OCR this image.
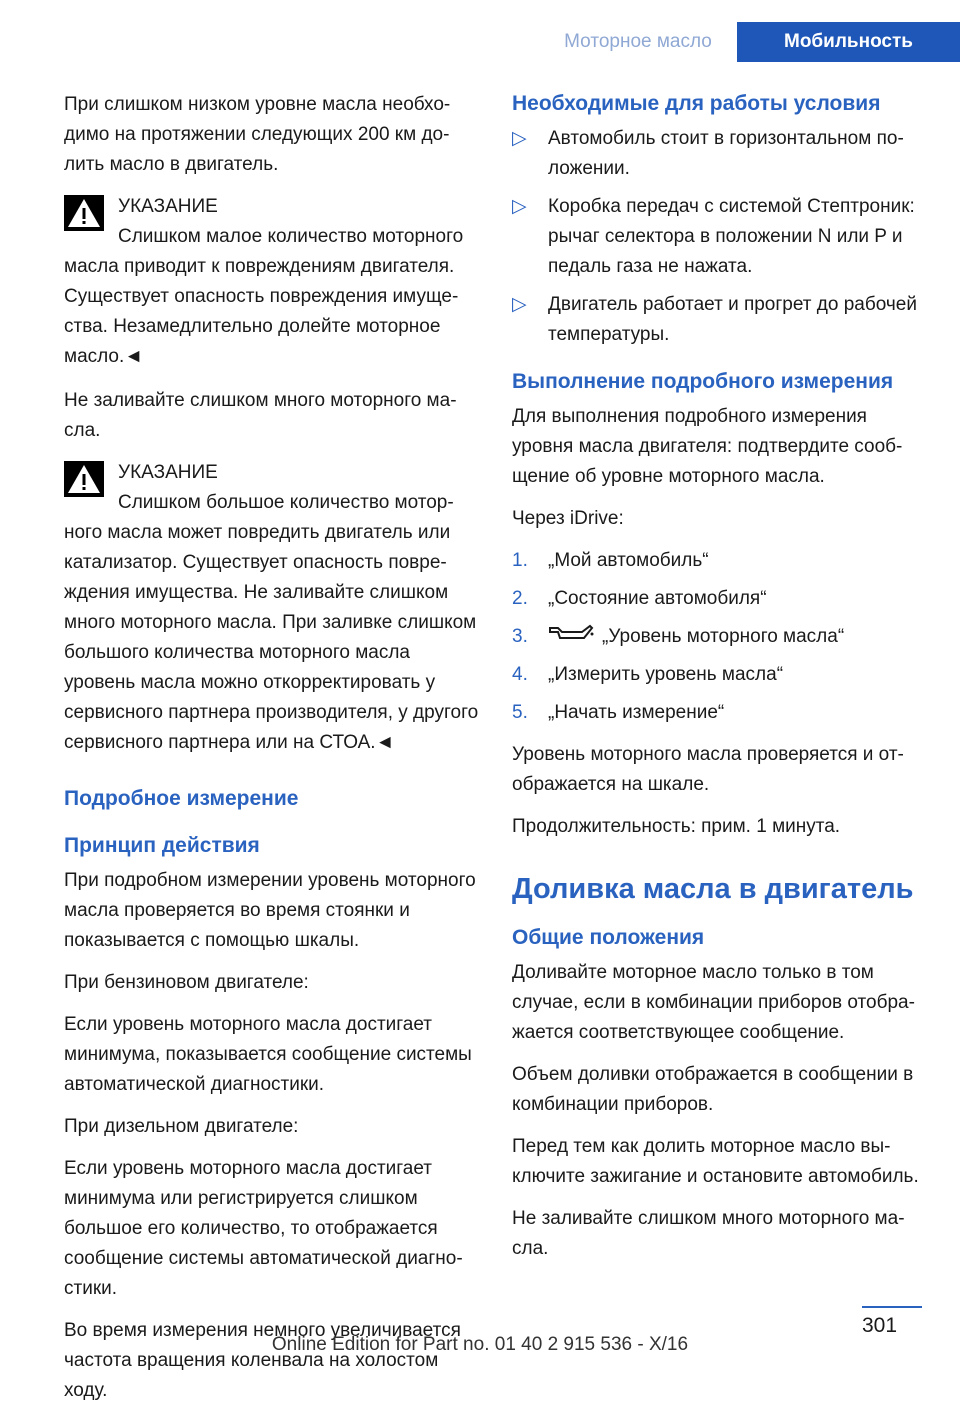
Моторное масло	Мобильность

При слишком низком уровне масла необходимо на протяжении следующих 200 км долить масло в двигатель.

УКАЗАНИЕ
Слишком малое количество моторного масла приводит к повреждениям двигателя. Существует опасность повреждения имущества. Незамедлительно долейте моторное масло.◄

Не заливайте слишком много моторного масла.

УКАЗАНИЕ
Слишком большое количество моторного масла может повредить двигатель или катализатор. Существует опасность повреждения имущества. Не заливайте слишком много моторного масла. При заливке слишком большого количества моторного масла уровень масла можно откорректировать у сервисного партнера производителя, у другого сервисного партнера или на СТОА.◄
Подробное измерение
Принцип действия

При подробном измерении уровень моторного масла проверяется во время стоянки и показывается с помощью шкалы.

При бензиновом двигателе:

Если уровень моторного масла достигает минимума, показывается сообщение системы автоматической диагностики.

При дизельном двигателе:

Если уровень моторного масла достигает минимума или регистрируется слишком большое его количество, то отображается сообщение системы автоматической диагностики.

Во время измерения немного увеличивается частота вращения коленвала на холостом ходу.

Необходимые для работы условия
▷ Автомобиль стоит в горизонтальном положении.
▷ Коробка передач с системой Стептроник: рычаг селектора в положении N или P и педаль газа не нажата.
▷ Двигатель работает и прогрет до рабочей температуры.
Выполнение подробного измерения

Для выполнения подробного измерения уровня масла двигателя: подтвердите сообщение об уровне моторного масла.

Через iDrive:

1. „Мой автомобиль“
2. „Состояние автомобиля“
3.	„Уровень моторного масла“
4. „Измерить уровень масла“
5. „Начать измерение“

Уровень моторного масла проверяется и отображается на шкале.

Продолжительность: прим. 1 минута.

Доливка масла в двигатель
Общие положения

Доливайте моторное масло только в том случае, если в комбинации приборов отображается соответствующее сообщение.

Объем доливки отображается в сообщении в комбинации приборов.

Перед тем как долить моторное масло выключите зажигание и остановите автомобиль.

Не заливайте слишком много моторного масла.

301
Online Edition for Part no. 01 40 2 915 536 - X/16
